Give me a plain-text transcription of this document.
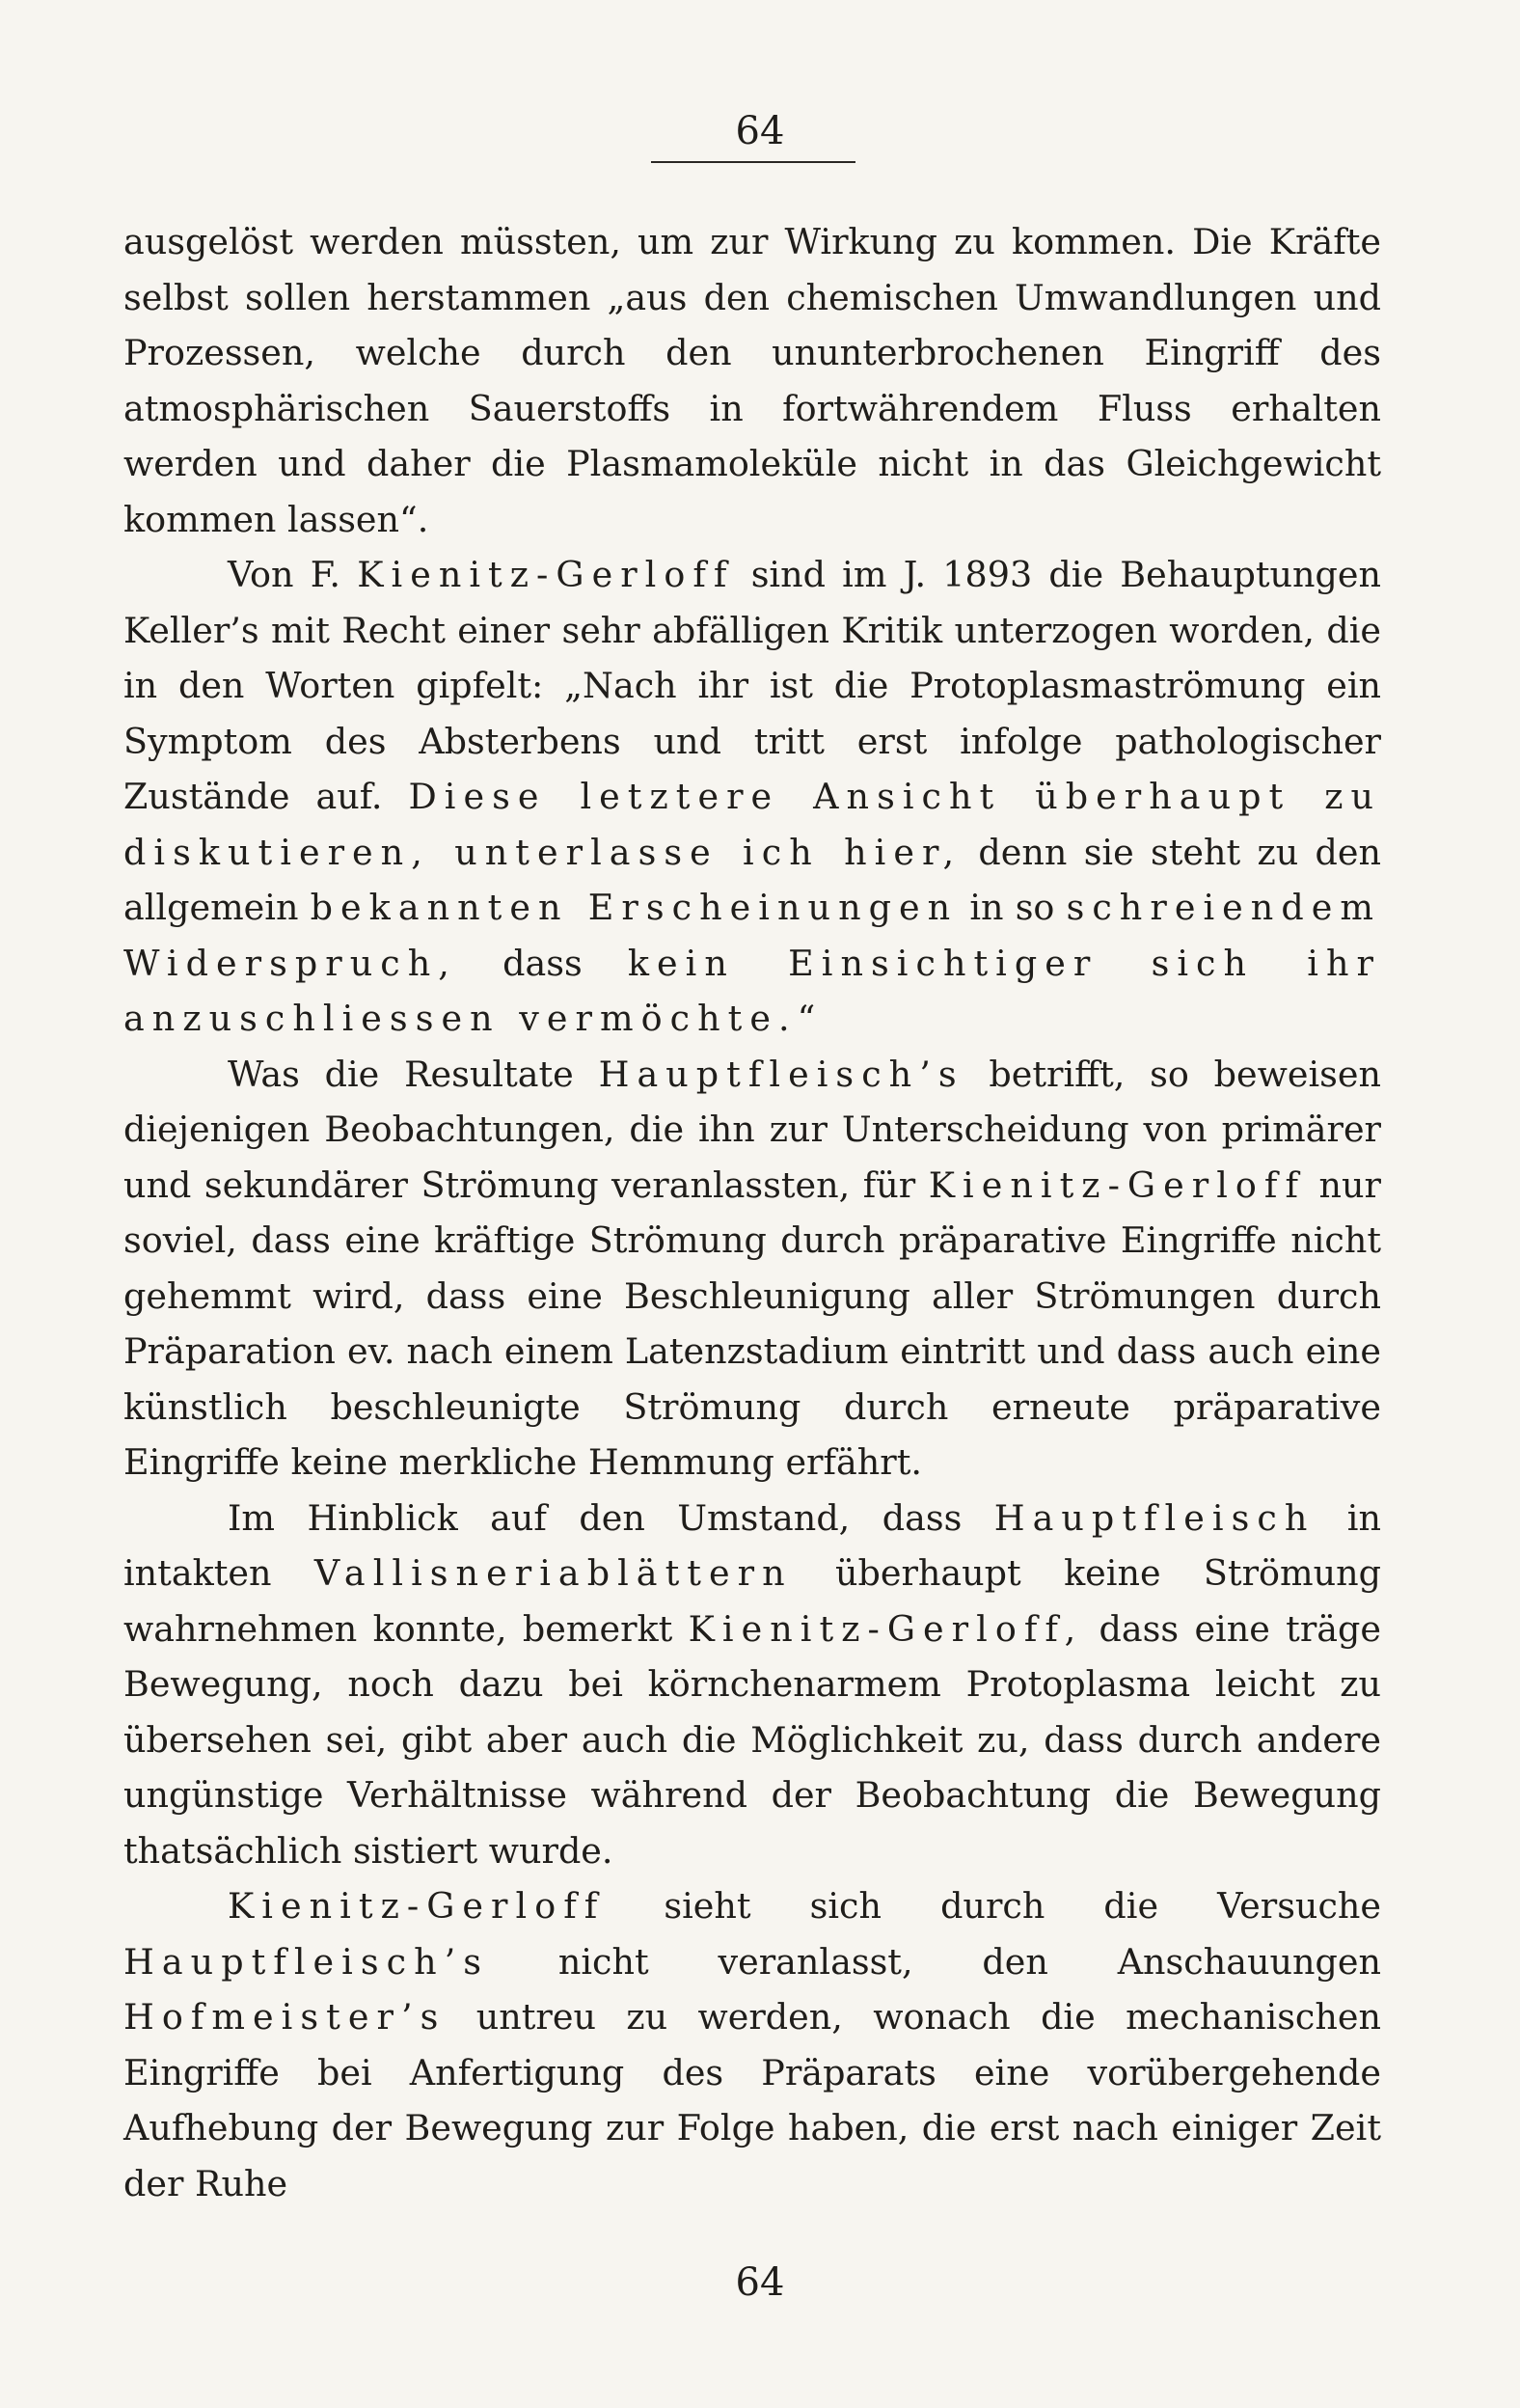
64

ausgelöst werden müssten, um zur Wirkung zu kommen. Die Kräfte selbst sollen herstammen „aus den chemischen Umwandlungen und Prozessen, welche durch den ununterbrochenen Eingriff des atmosphärischen Sauerstoffs in fortwährendem Fluss erhalten werden und daher die Plasmamoleküle nicht in das Gleichgewicht kommen lassen“.

Von F. Kienitz-Gerloff sind im J. 1893 die Behauptungen Keller’s mit Recht einer sehr abfälligen Kritik unterzogen worden, die in den Worten gipfelt: „Nach ihr ist die Protoplasmaströmung ein Symptom des Absterbens und tritt erst infolge pathologischer Zustände auf. Diese letztere Ansicht überhaupt zu diskutieren, unterlasse ich hier, denn sie steht zu den allgemein bekannten Erscheinungen in so schreiendem Widerspruch, dass kein Einsichtiger sich ihr anzuschliessen vermöchte.“

Was die Resultate Hauptfleisch’s betrifft, so beweisen diejenigen Beobachtungen, die ihn zur Unterscheidung von primärer und sekundärer Strömung veranlassten, für Kienitz-Gerloff nur soviel, dass eine kräftige Strömung durch präparative Eingriffe nicht gehemmt wird, dass eine Beschleunigung aller Strömungen durch Präparation ev. nach einem Latenzstadium eintritt und dass auch eine künstlich beschleunigte Strömung durch erneute präparative Eingriffe keine merkliche Hemmung erfährt.

Im Hinblick auf den Umstand, dass Hauptfleisch in intakten Vallisneriablättern überhaupt keine Strömung wahrnehmen konnte, bemerkt Kienitz-Gerloff, dass eine träge Bewegung, noch dazu bei körnchenarmem Protoplasma leicht zu übersehen sei, gibt aber auch die Möglichkeit zu, dass durch andere ungünstige Verhältnisse während der Beobachtung die Bewegung thatsächlich sistiert wurde.

Kienitz-Gerloff sieht sich durch die Versuche Hauptfleisch’s nicht veranlasst, den Anschauungen Hofmeister’s untreu zu werden, wonach die mechanischen Eingriffe bei Anfertigung des Präparats eine vorübergehende Aufhebung der Bewegung zur Folge haben, die erst nach einiger Zeit der Ruhe

64
